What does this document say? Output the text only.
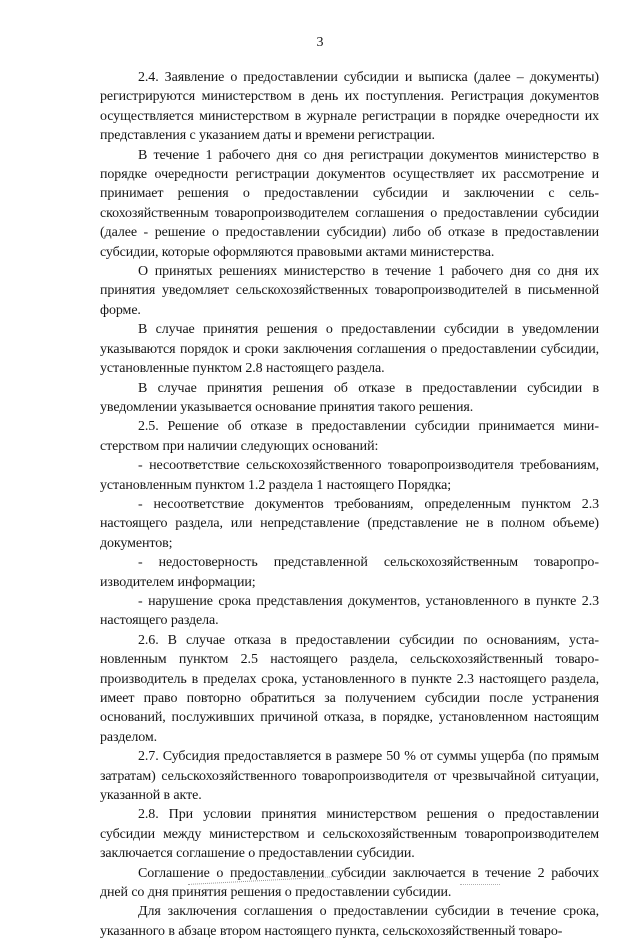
3

2.4. Заявление о предоставлении субсидии и выписка (далее – документы) регистрируются министерством в день их поступления. Регистрация документов осуществляется министерством в журнале регистрации в порядке очередности их представления с указанием даты и времени регистрации.

В течение 1 рабочего дня со дня регистрации документов министерство в порядке очередности регистрации документов осуществляет их рассмотрение и принимает решения о предоставлении субсидии и заключении с сельскохозяйственным товаропроизводителем соглашения о предоставлении субсидии (далее - решение о предоставлении субсидии) либо об отказе в предоставлении субсидии, которые оформляются правовыми актами министерства.

О принятых решениях министерство в течение 1 рабочего дня со дня их принятия уведомляет сельскохозяйственных товаропроизводителей в письменной форме.

В случае принятия решения о предоставлении субсидии в уведомлении указываются порядок и сроки заключения соглашения о предоставлении субсидии, установленные пунктом 2.8 настоящего раздела.

В случае принятия решения об отказе в предоставлении субсидии в уведомлении указывается основание принятия такого решения.

2.5. Решение об отказе в предоставлении субсидии принимается министерством при наличии следующих оснований:

- несоответствие сельскохозяйственного товаропроизводителя требованиям, установленным пунктом 1.2 раздела 1 настоящего Порядка;

- несоответствие документов требованиям, определенным пунктом 2.3 настоящего раздела, или непредставление (представление не в полном объеме) документов;

- недостоверность представленной сельскохозяйственным товаропроизводителем информации;

- нарушение срока представления документов, установленного в пункте 2.3 настоящего раздела.

2.6. В случае отказа в предоставлении субсидии по основаниям, установленным пунктом 2.5 настоящего раздела, сельскохозяйственный товаропроизводитель в пределах срока, установленного в пункте 2.3 настоящего раздела, имеет право повторно обратиться за получением субсидии после устранения оснований, послуживших причиной отказа, в порядке, установленном настоящим разделом.

2.7. Субсидия предоставляется в размере 50 % от суммы ущерба (по прямым затратам) сельскохозяйственного товаропроизводителя от чрезвычайной ситуации, указанной в акте.

2.8. При условии принятия министерством решения о предоставлении субсидии между министерством и сельскохозяйственным товаропроизводителем заключается соглашение о предоставлении субсидии.

Соглашение о предоставлении субсидии заключается в течение 2 рабочих дней со дня принятия решения о предоставлении субсидии.

Для заключения соглашения о предоставлении субсидии в течение срока, указанного в абзаце втором настоящего пункта, сельскохозяйственный товаро-
